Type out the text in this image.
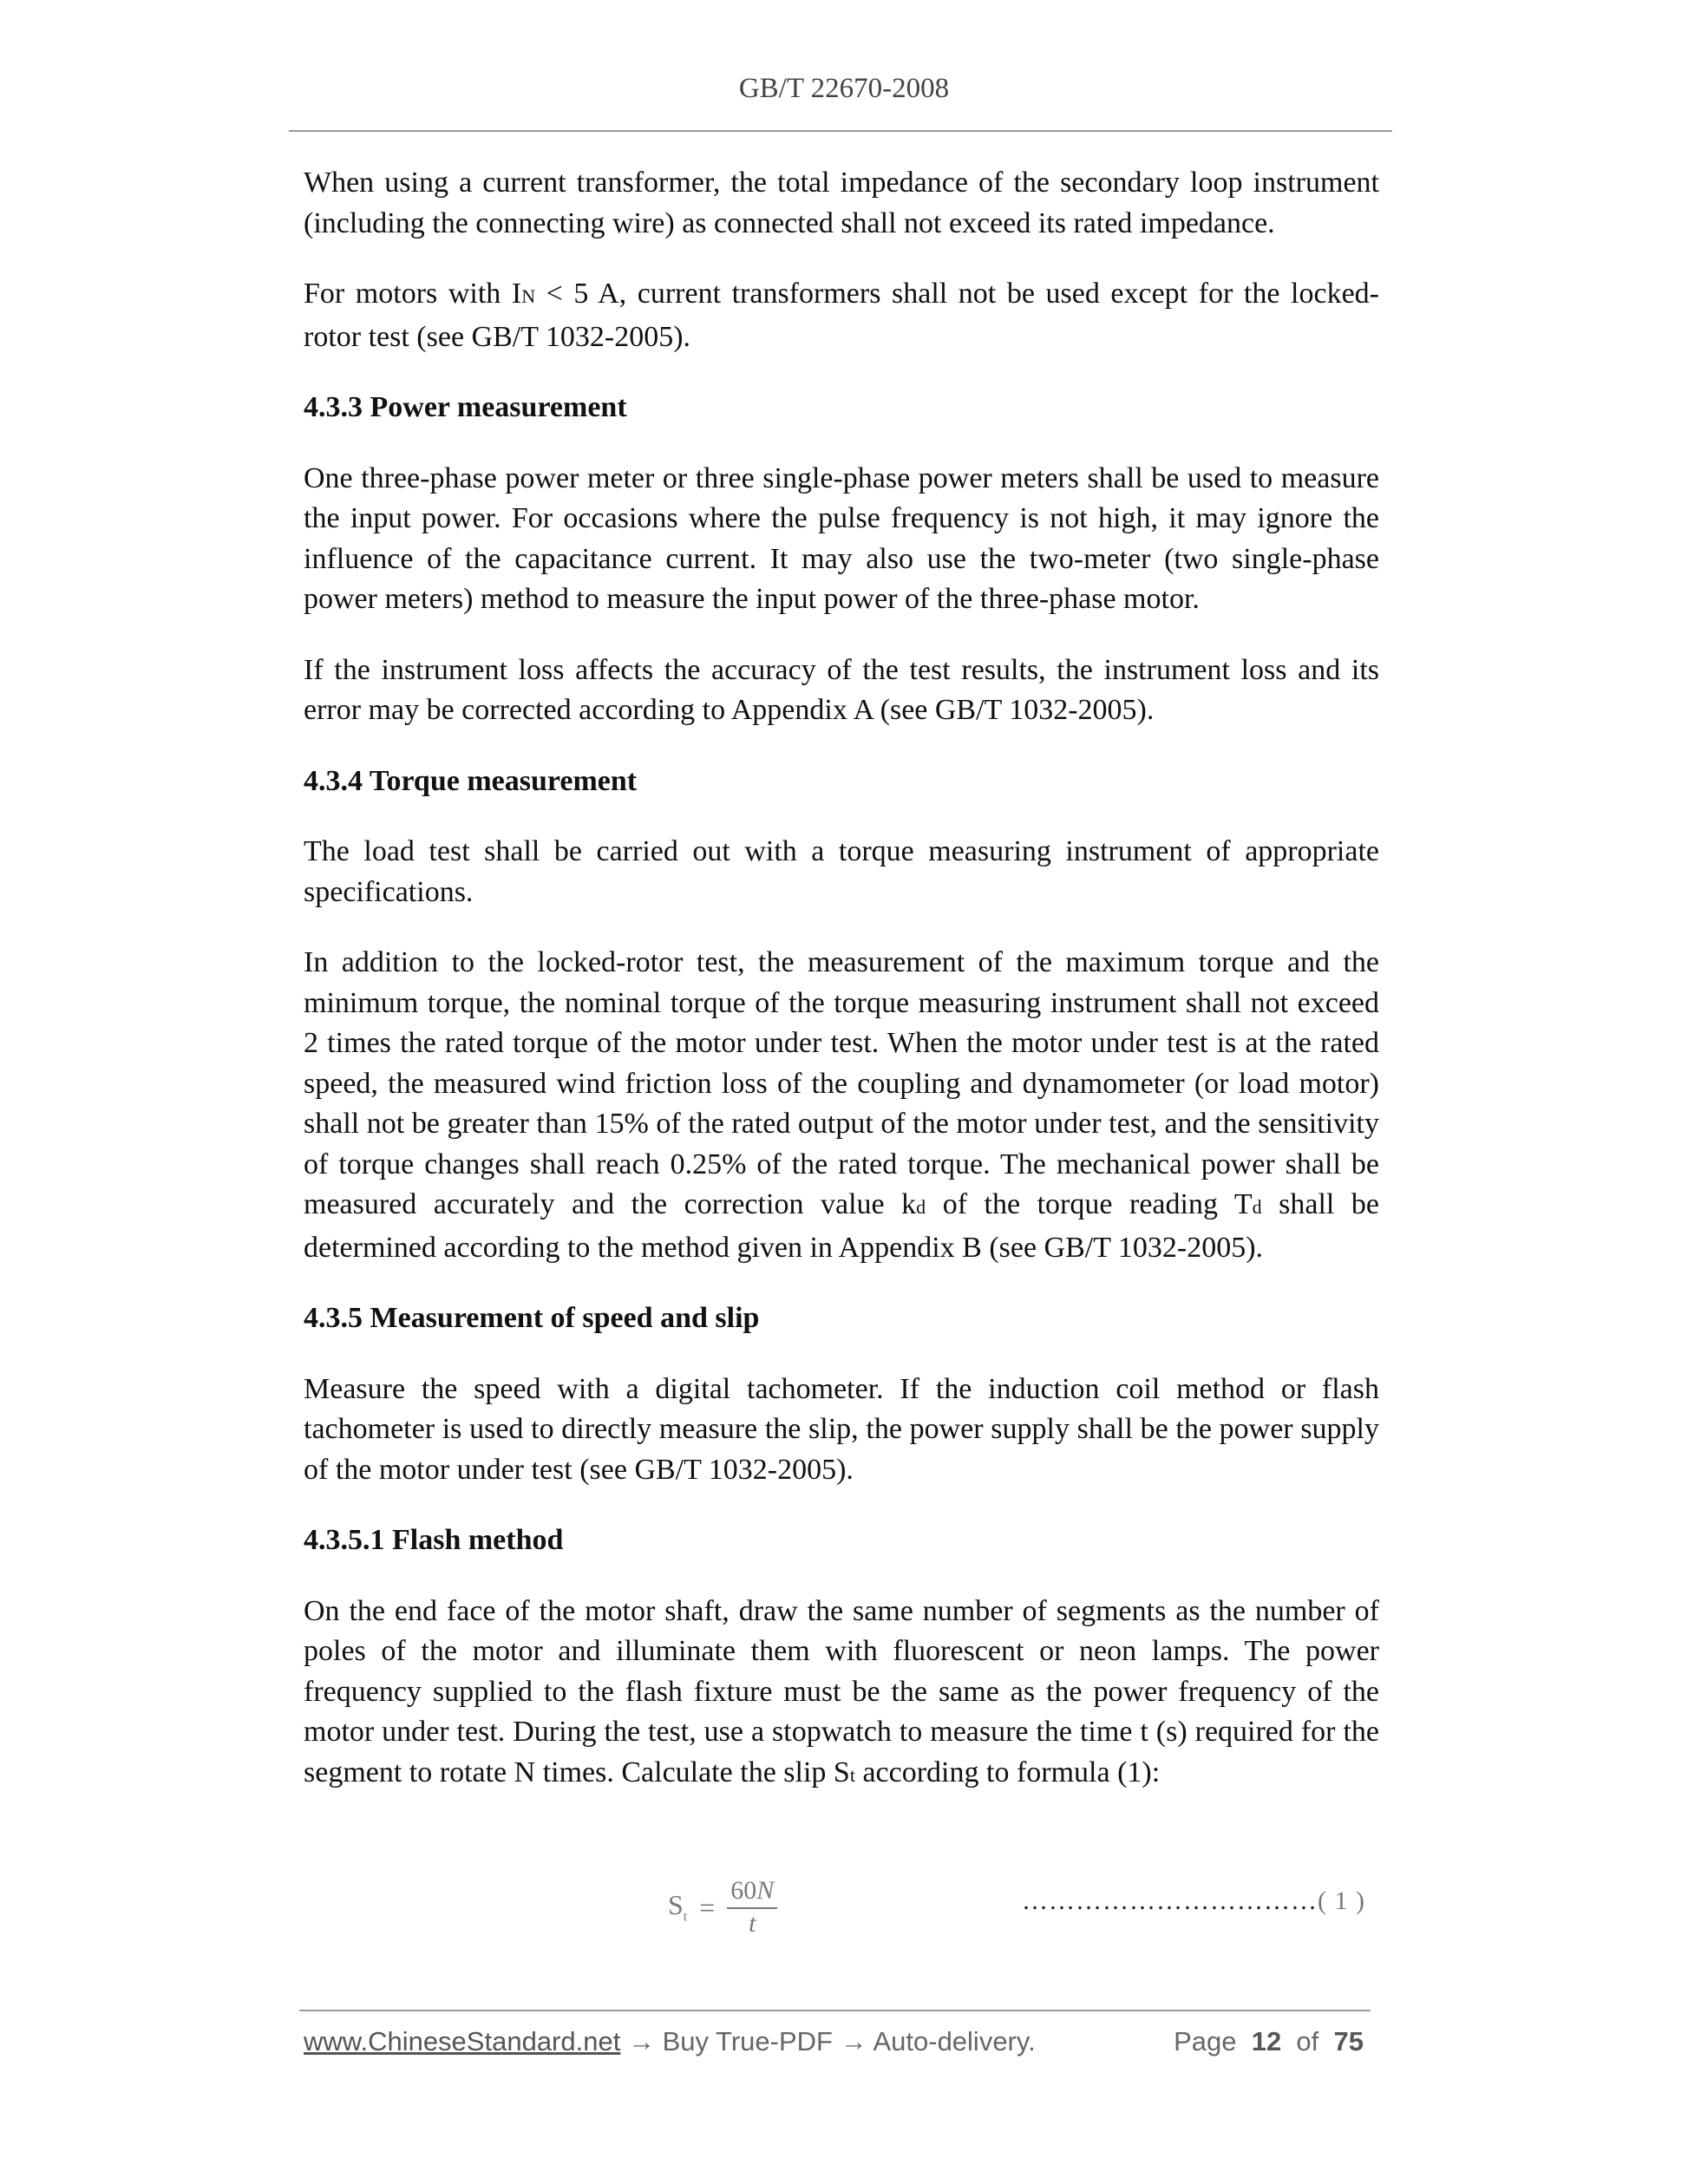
GB/T 22670-2008

When using a current transformer, the total impedance of the secondary loop instrument (including the connecting wire) as connected shall not exceed its rated impedance.

For motors with IN < 5 A, current transformers shall not be used except for the locked-rotor test (see GB/T 1032-2005).

4.3.3 Power measurement

One three-phase power meter or three single-phase power meters shall be used to measure the input power. For occasions where the pulse frequency is not high, it may ignore the influence of the capacitance current. It may also use the two-meter (two single-phase power meters) method to measure the input power of the three-phase motor.

If the instrument loss affects the accuracy of the test results, the instrument loss and its error may be corrected according to Appendix A (see GB/T 1032-2005).

4.3.4 Torque measurement

The load test shall be carried out with a torque measuring instrument of appropriate specifications.

In addition to the locked-rotor test, the measurement of the maximum torque and the minimum torque, the nominal torque of the torque measuring instrument shall not exceed 2 times the rated torque of the motor under test. When the motor under test is at the rated speed, the measured wind friction loss of the coupling and dynamometer (or load motor) shall not be greater than 15% of the rated output of the motor under test, and the sensitivity of torque changes shall reach 0.25% of the rated torque. The mechanical power shall be measured accurately and the correction value kd of the torque reading Td shall be determined according to the method given in Appendix B (see GB/T 1032-2005).

4.3.5 Measurement of speed and slip

Measure the speed with a digital tachometer. If the induction coil method or flash tachometer is used to directly measure the slip, the power supply shall be the power supply of the motor under test (see GB/T 1032-2005).

4.3.5.1 Flash method

On the end face of the motor shaft, draw the same number of segments as the number of poles of the motor and illuminate them with fluorescent or neon lamps. The power frequency supplied to the flash fixture must be the same as the power frequency of the motor under test. During the test, use a stopwatch to measure the time t (s) required for the segment to rotate N times. Calculate the slip St according to formula (1):

$S_t = \frac{60N}{t}$	……………………………( 1 )
www.ChineseStandard.net → Buy True-PDF → Auto-delivery.	Page 12 of 75
